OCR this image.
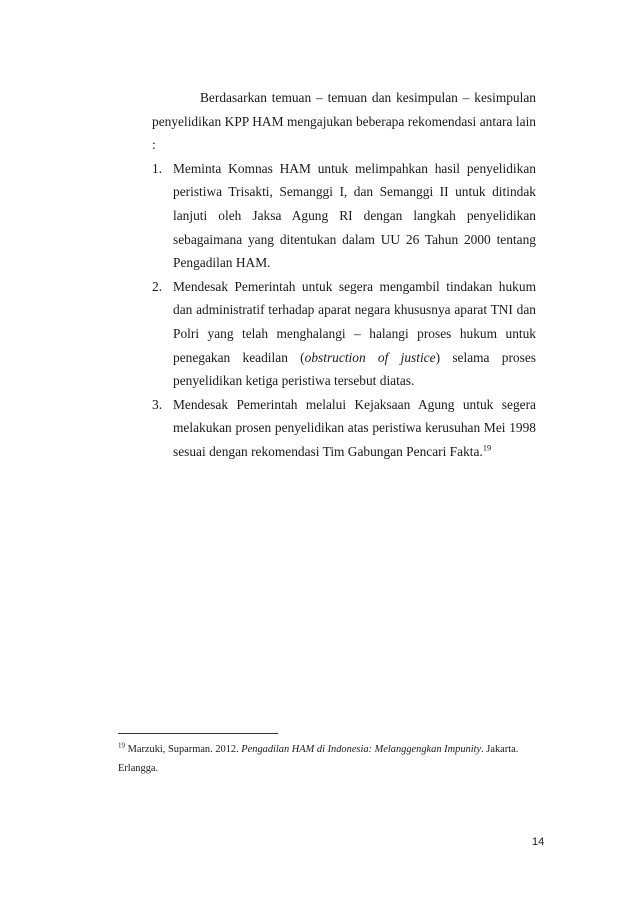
Berdasarkan temuan – temuan dan kesimpulan – kesimpulan

penyelidikan KPP HAM mengajukan beberapa rekomendasi antara lain :

1. Meminta Komnas HAM untuk melimpahkan hasil penyelidikan peristiwa Trisakti, Semanggi I, dan Semanggi II untuk ditindak lanjuti oleh Jaksa Agung RI dengan langkah penyelidikan sebagaimana yang ditentukan dalam UU 26 Tahun 2000 tentang Pengadilan HAM.
2. Mendesak Pemerintah untuk segera mengambil tindakan hukum dan administratif terhadap aparat negara khususnya aparat TNI dan Polri yang telah menghalangi – halangi proses hukum untuk penegakan keadilan (obstruction of justice) selama proses penyelidikan ketiga peristiwa tersebut diatas.
3. Mendesak Pemerintah melalui Kejaksaan Agung untuk segera melakukan prosen penyelidikan atas peristiwa kerusuhan Mei 1998 sesuai dengan rekomendasi Tim Gabungan Pencari Fakta.$^{19}$
$^{19}$ Marzuki, Suparman. 2012. Pengadilan HAM di Indonesia: Melanggengkan Impunity. Jakarta. Erlangga.
14
